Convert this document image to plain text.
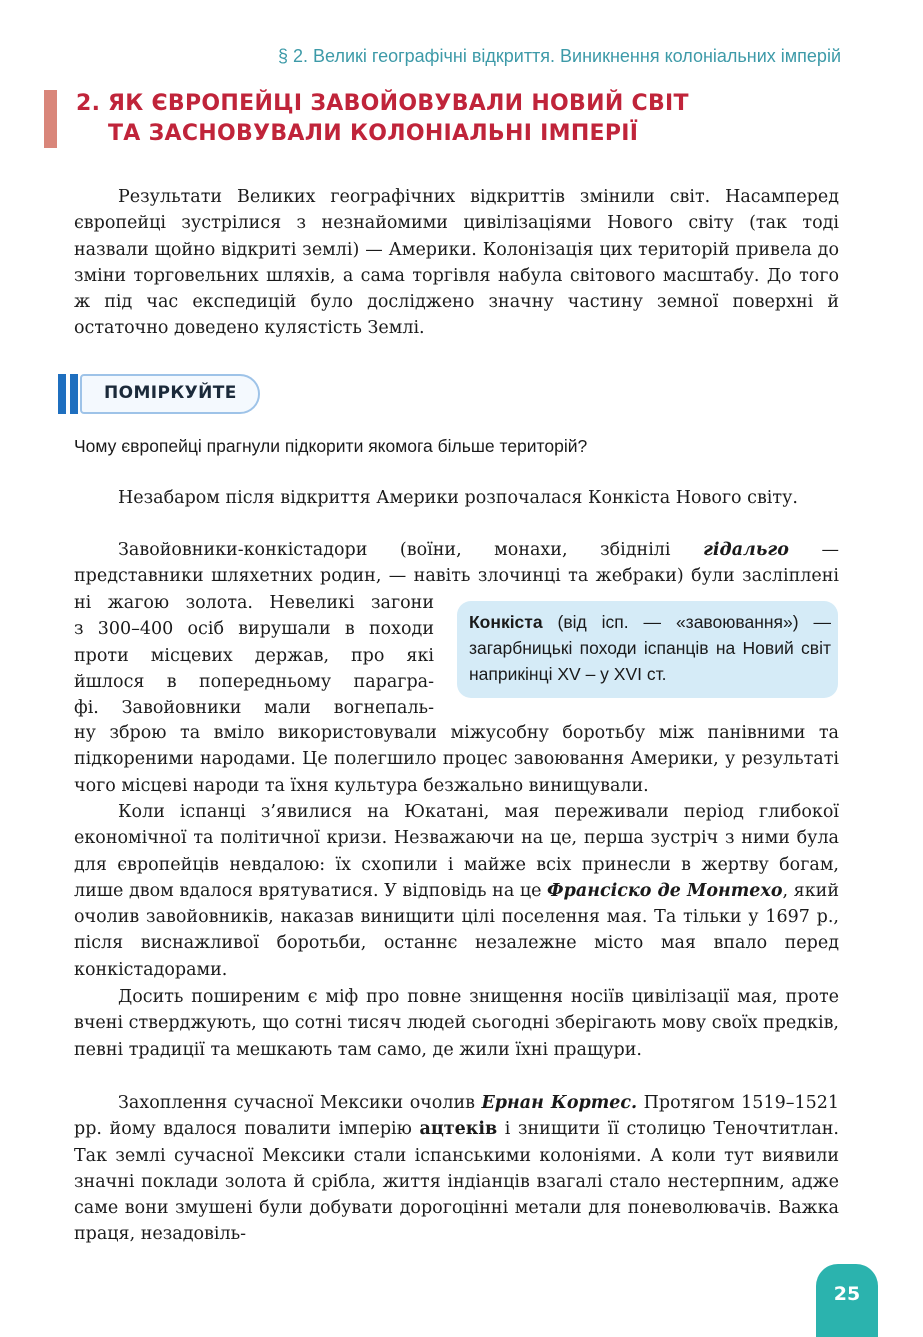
§ 2. Великі географічні відкриття. Виникнення колоніальних імперій
2. ЯК ЄВРОПЕЙЦІ ЗАВОЙОВУВАЛИ НОВИЙ СВІТ
ТА ЗАСНОВУВАЛИ КОЛОНІАЛЬНІ ІМПЕРІЇ

Результати Великих географічних відкриттів змінили світ. Насамперед європейці зустрілися з незнайомими цивілізаціями Нового світу (так тоді назвали щойно відкриті землі) — Америки. Колонізація цих територій привела до зміни торговельних шляхів, а сама торгівля набула світового масштабу. До того ж під час експедицій було досліджено значну частину земної поверхні й остаточно доведено кулястість Землі.

ПОМІРКУЙТЕ
Чому європейці прагнули підкорити якомога більше територій?

Незабаром після відкриття Америки розпочалася Конкіста Нового світу.

Завойовники-конкістадори (воїни, монахи, збіднілі гідальго — представники шляхетних родин, — навіть злочинці та жебраки) були засліплені

ні жагою золота. Невеликі загони
з 300–400 осіб вирушали в походи
проти місцевих держав, про які
йшлося в попередньому парагра-
фі. Завойовники мали вогнепаль-
Конкіста (від ісп. — «завоювання») — загарбницькі походи іспанців на Новий світ наприкінці XV – у XVI ст.

ну зброю та вміло використовували міжусобну боротьбу між панівними та підкореними народами. Це полегшило процес завоювання Америки, у результаті чого місцеві народи та їхня культура безжально винищували.

Коли іспанці з’явилися на Юкатані, мая переживали період глибокої економічної та політичної кризи. Незважаючи на це, перша зустріч з ними була для європейців невдалою: їх схопили і майже всіх принесли в жертву богам, лише двом вдалося врятуватися. У відповідь на це Франсіско де Монтехо, який очолив завойовників, наказав винищити цілі поселення мая. Та тільки у 1697 р., після виснажливої боротьби, останнє незалежне місто мая впало перед конкістадорами.

Досить поширеним є міф про повне знищення носіїв цивілізації мая, проте вчені стверджують, що сотні тисяч людей сьогодні зберігають мову своїх предків, певні традиції та мешкають там само, де жили їхні пращури.

Захоплення сучасної Мексики очолив Ернан Кортес. Протягом 1519–1521 рр. йому вдалося повалити імперію ацтеків і знищити її столицю Теночтитлан. Так землі сучасної Мексики стали іспанськими колоніями. А коли тут виявили значні поклади золота й срібла, життя індіанців взагалі стало нестерпним, адже саме вони змушені були добувати дорогоцінні метали для поневолювачів. Важка праця, незадовіль-

25
